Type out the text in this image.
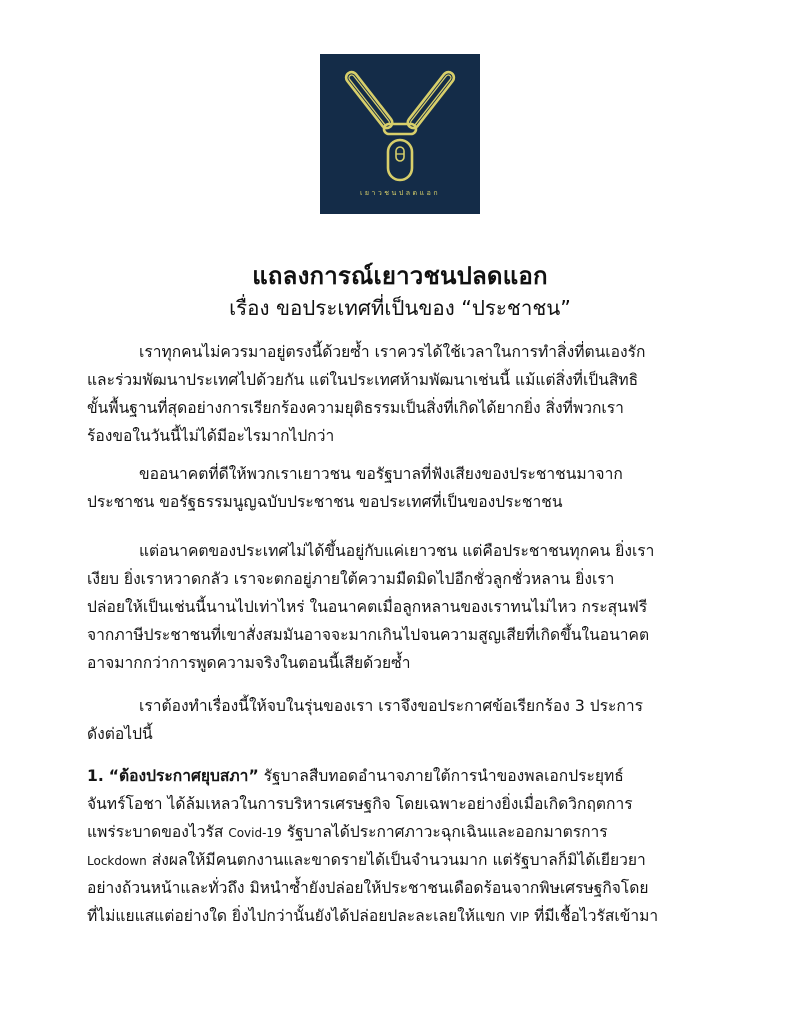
เยาวชนปลดแอก
แถลงการณ์เยาวชนปลดแอก
เรื่อง ขอประเทศที่เป็นของ “ประชาชน”
เราทุกคนไม่ควรมาอยู่ตรงนี้ด้วยซ้ำ เราควรได้ใช้เวลาในการทำสิ่งที่ตนเองรัก
และร่วมพัฒนาประเทศไปด้วยกัน แต่ในประเทศห้ามพัฒนาเช่นนี้ แม้แต่สิ่งที่เป็นสิทธิ
ขั้นพื้นฐานที่สุดอย่างการเรียกร้องความยุติธรรมเป็นสิ่งที่เกิดได้ยากยิ่ง สิ่งที่พวกเรา
ร้องขอในวันนี้ไม่ได้มีอะไรมากไปกว่า
ขออนาคตที่ดีให้พวกเราเยาวชน ขอรัฐบาลที่ฟังเสียงของประชาชนมาจาก
ประชาชน ขอรัฐธรรมนูญฉบับประชาชน ขอประเทศที่เป็นของประชาชน
แต่อนาคตของประเทศไม่ได้ขึ้นอยู่กับแค่เยาวชน แต่คือประชาชนทุกคน ยิ่งเรา
เงียบ ยิ่งเราหวาดกลัว เราจะตกอยู่ภายใต้ความมืดมิดไปอีกชั่วลูกชั่วหลาน ยิ่งเรา
ปล่อยให้เป็นเช่นนี้นานไปเท่าไหร่ ในอนาคตเมื่อลูกหลานของเราทนไม่ไหว กระสุนฟรี
จากภาษีประชาชนที่เขาสั่งสมมันอาจจะมากเกินไปจนความสูญเสียที่เกิดขึ้นในอนาคต
อาจมากกว่าการพูดความจริงในตอนนี้เสียด้วยซ้ำ
เราต้องทำเรื่องนี้ให้จบในรุ่นของเรา เราจึงขอประกาศข้อเรียกร้อง 3 ประการ
ดังต่อไปนี้
1. “ต้องประกาศยุบสภา” รัฐบาลสืบทอดอำนาจภายใต้การนำของพลเอกประยุทธ์
จันทร์โอชา ได้ล้มเหลวในการบริหารเศรษฐกิจ โดยเฉพาะอย่างยิ่งเมื่อเกิดวิกฤตการ
แพร่ระบาดของไวรัส Covid-19 รัฐบาลได้ประกาศภาวะฉุกเฉินและออกมาตรการ
Lockdown ส่งผลให้มีคนตกงานและขาดรายได้เป็นจำนวนมาก แต่รัฐบาลก็มิได้เยียวยา
อย่างถ้วนหน้าและทั่วถึง มิหนำซ้ำยังปล่อยให้ประชาชนเดือดร้อนจากพิษเศรษฐกิจโดย
ที่ไม่แยแสแต่อย่างใด ยิ่งไปกว่านั้นยังได้ปล่อยปละละเลยให้แขก VIP ที่มีเชื้อไวรัสเข้ามา
